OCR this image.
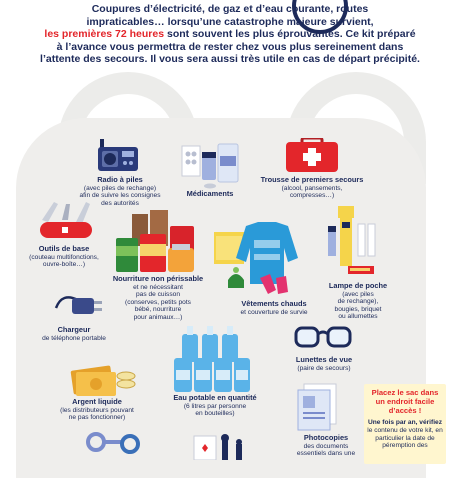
Coupures d’électricité, de gaz et d’eau courante, routes
impraticables… lorsqu’une catastrophe majeure survient,
les premières 72 heures sont souvent les plus éprouvantes. Ce kit préparé
à l’avance vous permettra de rester chez vous plus sereinement dans
l’attente des secours. Il vous sera aussi très utile en cas de départ précipité.
Radio à piles
(avec piles de rechange)
afin de suivre les consignes
des autorités
Médicaments
Trousse de premiers secours
(alcool, pansements,
compresses…)
Outils de base
(couteau multifonctions,
ouvre-boîte…)
Nourriture non périssable
et ne nécessitant
pas de cuisson
(conserves, petits pots
bébé, nourriture
pour animaux…)
Vêtements chauds
et couverture de survie
Lampe de poche
(avec piles
de rechange),
bougies, briquet
ou allumettes
Chargeur
de téléphone portable
Lunettes de vue
(paire de secours)
Eau potable en quantité
(6 litres par personne
en bouteilles)
Argent liquide
(les distributeurs pouvant
ne pas fonctionner)
Photocopies
des documents
essentiels dans une
Placez le sac dans un endroit facile d’accès !
Une fois par an, vérifiez le contenu de votre kit, en particulier la date de péremption des
